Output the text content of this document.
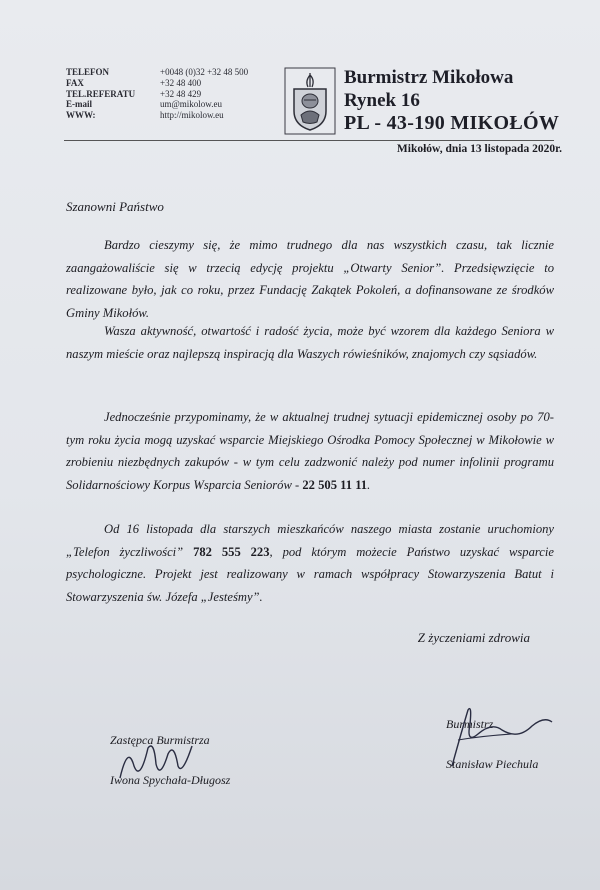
TELEFON	+0048 (0)32 +32 48 500
FAX	+32 48 400
TEL.REFERATU	+32 48 429
E-mail	um@mikolow.eu
WWW:	http://mikolow.eu
Burmistrz Mikołowa
Rynek 16
PL - 43-190 MIKOŁÓW
Mikołów, dnia 13 listopada 2020r.
Szanowni Państwo
Bardzo cieszymy się, że mimo trudnego dla nas wszystkich czasu, tak licznie zaangażowaliście się w trzecią edycję projektu „Otwarty Senior”. Przedsięwzięcie to realizowane było, jak co roku, przez Fundację Zakątek Pokoleń, a dofinansowane ze środków Gminy Mikołów.
Wasza aktywność, otwartość i radość życia, może być wzorem dla każdego Seniora w naszym mieście oraz najlepszą inspiracją dla Waszych rówieśników, znajomych czy sąsiadów.
Jednocześnie przypominamy, że w aktualnej trudnej sytuacji epidemicznej osoby po 70-tym roku życia mogą uzyskać wsparcie Miejskiego Ośrodka Pomocy Społecznej w Mikołowie w zrobieniu niezbędnych zakupów - w tym celu zadzwonić należy pod numer infolinii programu Solidarnościowy Korpus Wsparcia Seniorów - 22 505 11 11.
Od 16 listopada dla starszych mieszkańców naszego miasta zostanie uruchomiony „Telefon życzliwości” 782 555 223, pod którym możecie Państwo uzyskać wsparcie psychologiczne. Projekt jest realizowany w ramach współpracy Stowarzyszenia Batut i Stowarzyszenia św. Józefa „Jesteśmy”.
Z życzeniami zdrowia
Zastępca Burmistrza
Iwona Spychała-Długosz
Burmistrz
Stanisław Piechula
